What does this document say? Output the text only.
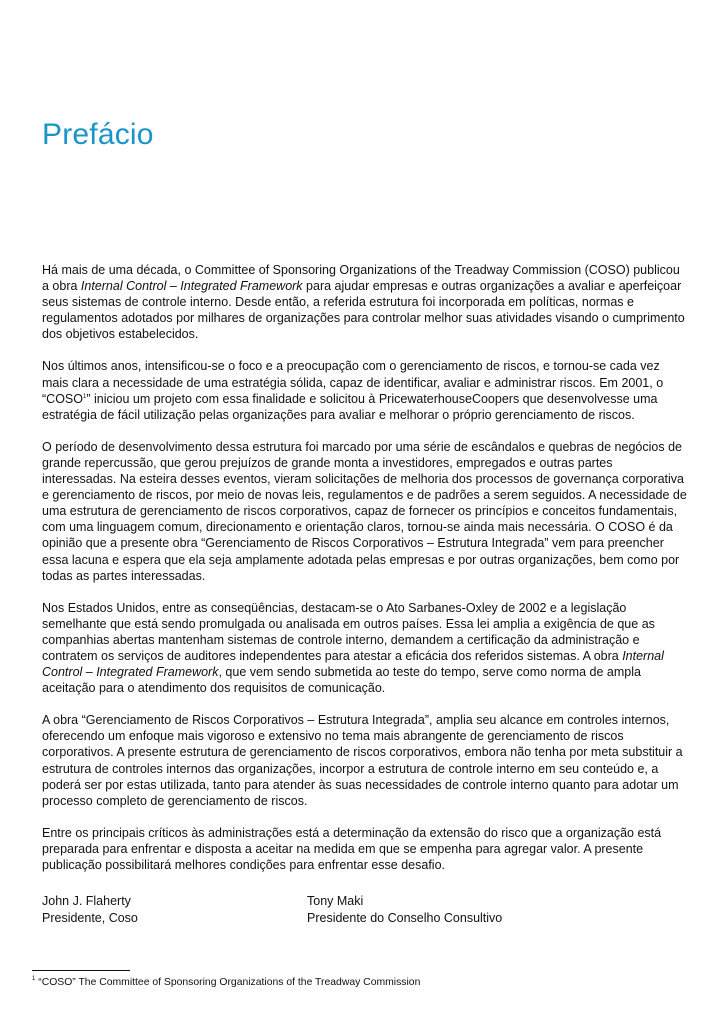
Prefácio

Há mais de uma década, o Committee of Sponsoring Organizations of the Treadway Commission (COSO) publicou a obra Internal Control – Integrated Framework para ajudar empresas e outras organizações a avaliar e aperfeiçoar seus sistemas de controle interno. Desde então, a referida estrutura foi incorporada em políticas, normas e regulamentos adotados por milhares de organizações para controlar melhor suas atividades visando o cumprimento dos objetivos estabelecidos.

Nos últimos anos, intensificou-se o foco e a preocupação com o gerenciamento de riscos, e tornou-se cada vez mais clara a necessidade de uma estratégia sólida, capaz de identificar, avaliar e administrar riscos. Em 2001, o “COSO$^1$” iniciou um projeto com essa finalidade e solicitou à PricewaterhouseCoopers que desenvolvesse uma estratégia de fácil utilização pelas organizações para avaliar e melhorar o próprio gerenciamento de riscos.

O período de desenvolvimento dessa estrutura foi marcado por uma série de escândalos e quebras de negócios de grande repercussão, que gerou prejuízos de grande monta a investidores, empregados e outras partes interessadas. Na esteira desses eventos, vieram solicitações de melhoria dos processos de governança corporativa e gerenciamento de riscos, por meio de novas leis, regulamentos e de padrões a serem seguidos. A necessidade de uma estrutura de gerenciamento de riscos corporativos, capaz de fornecer os princípios e conceitos fundamentais, com uma linguagem comum, direcionamento e orientação claros, tornou-se ainda mais necessária. O COSO é da opinião que a presente obra “Gerenciamento de Riscos Corporativos – Estrutura Integrada” vem para preencher essa lacuna e espera que ela seja amplamente adotada pelas empresas e por outras organizações, bem como por todas as partes interessadas.

Nos Estados Unidos, entre as conseqüências, destacam-se o Ato Sarbanes-Oxley de 2002 e a legislação semelhante que está sendo promulgada ou analisada em outros países. Essa lei amplia a exigência de que as companhias abertas mantenham sistemas de controle interno, demandem a certificação da administração e contratem os serviços de auditores independentes para atestar a eficácia dos referidos sistemas. A obra Internal Control – Integrated Framework, que vem sendo submetida ao teste do tempo, serve como norma de ampla aceitação para o atendimento dos requisitos de comunicação.

A obra “Gerenciamento de Riscos Corporativos – Estrutura Integrada”, amplia seu alcance em controles internos, oferecendo um enfoque mais vigoroso e extensivo no tema mais abrangente de gerenciamento de riscos corporativos. A presente estrutura de gerenciamento de riscos corporativos, embora não tenha por meta substituir a estrutura de controles internos das organizações, incorpor a estrutura de controle interno em seu conteúdo e, a poderá ser por estas utilizada, tanto para atender às suas necessidades de controle interno quanto para adotar um processo completo de gerenciamento de riscos.

Entre os principais críticos às administrações está a determinação da extensão do risco que a organização está preparada para enfrentar e disposta a aceitar na medida em que se empenha para agregar valor. A presente publicação possibilitará melhores condições para enfrentar esse desafio.

John J. Flaherty
Presidente, Coso
Tony Maki
Presidente do Conselho Consultivo
$^1$ “COSO” The Committee of Sponsoring Organizations of the Treadway Commission
